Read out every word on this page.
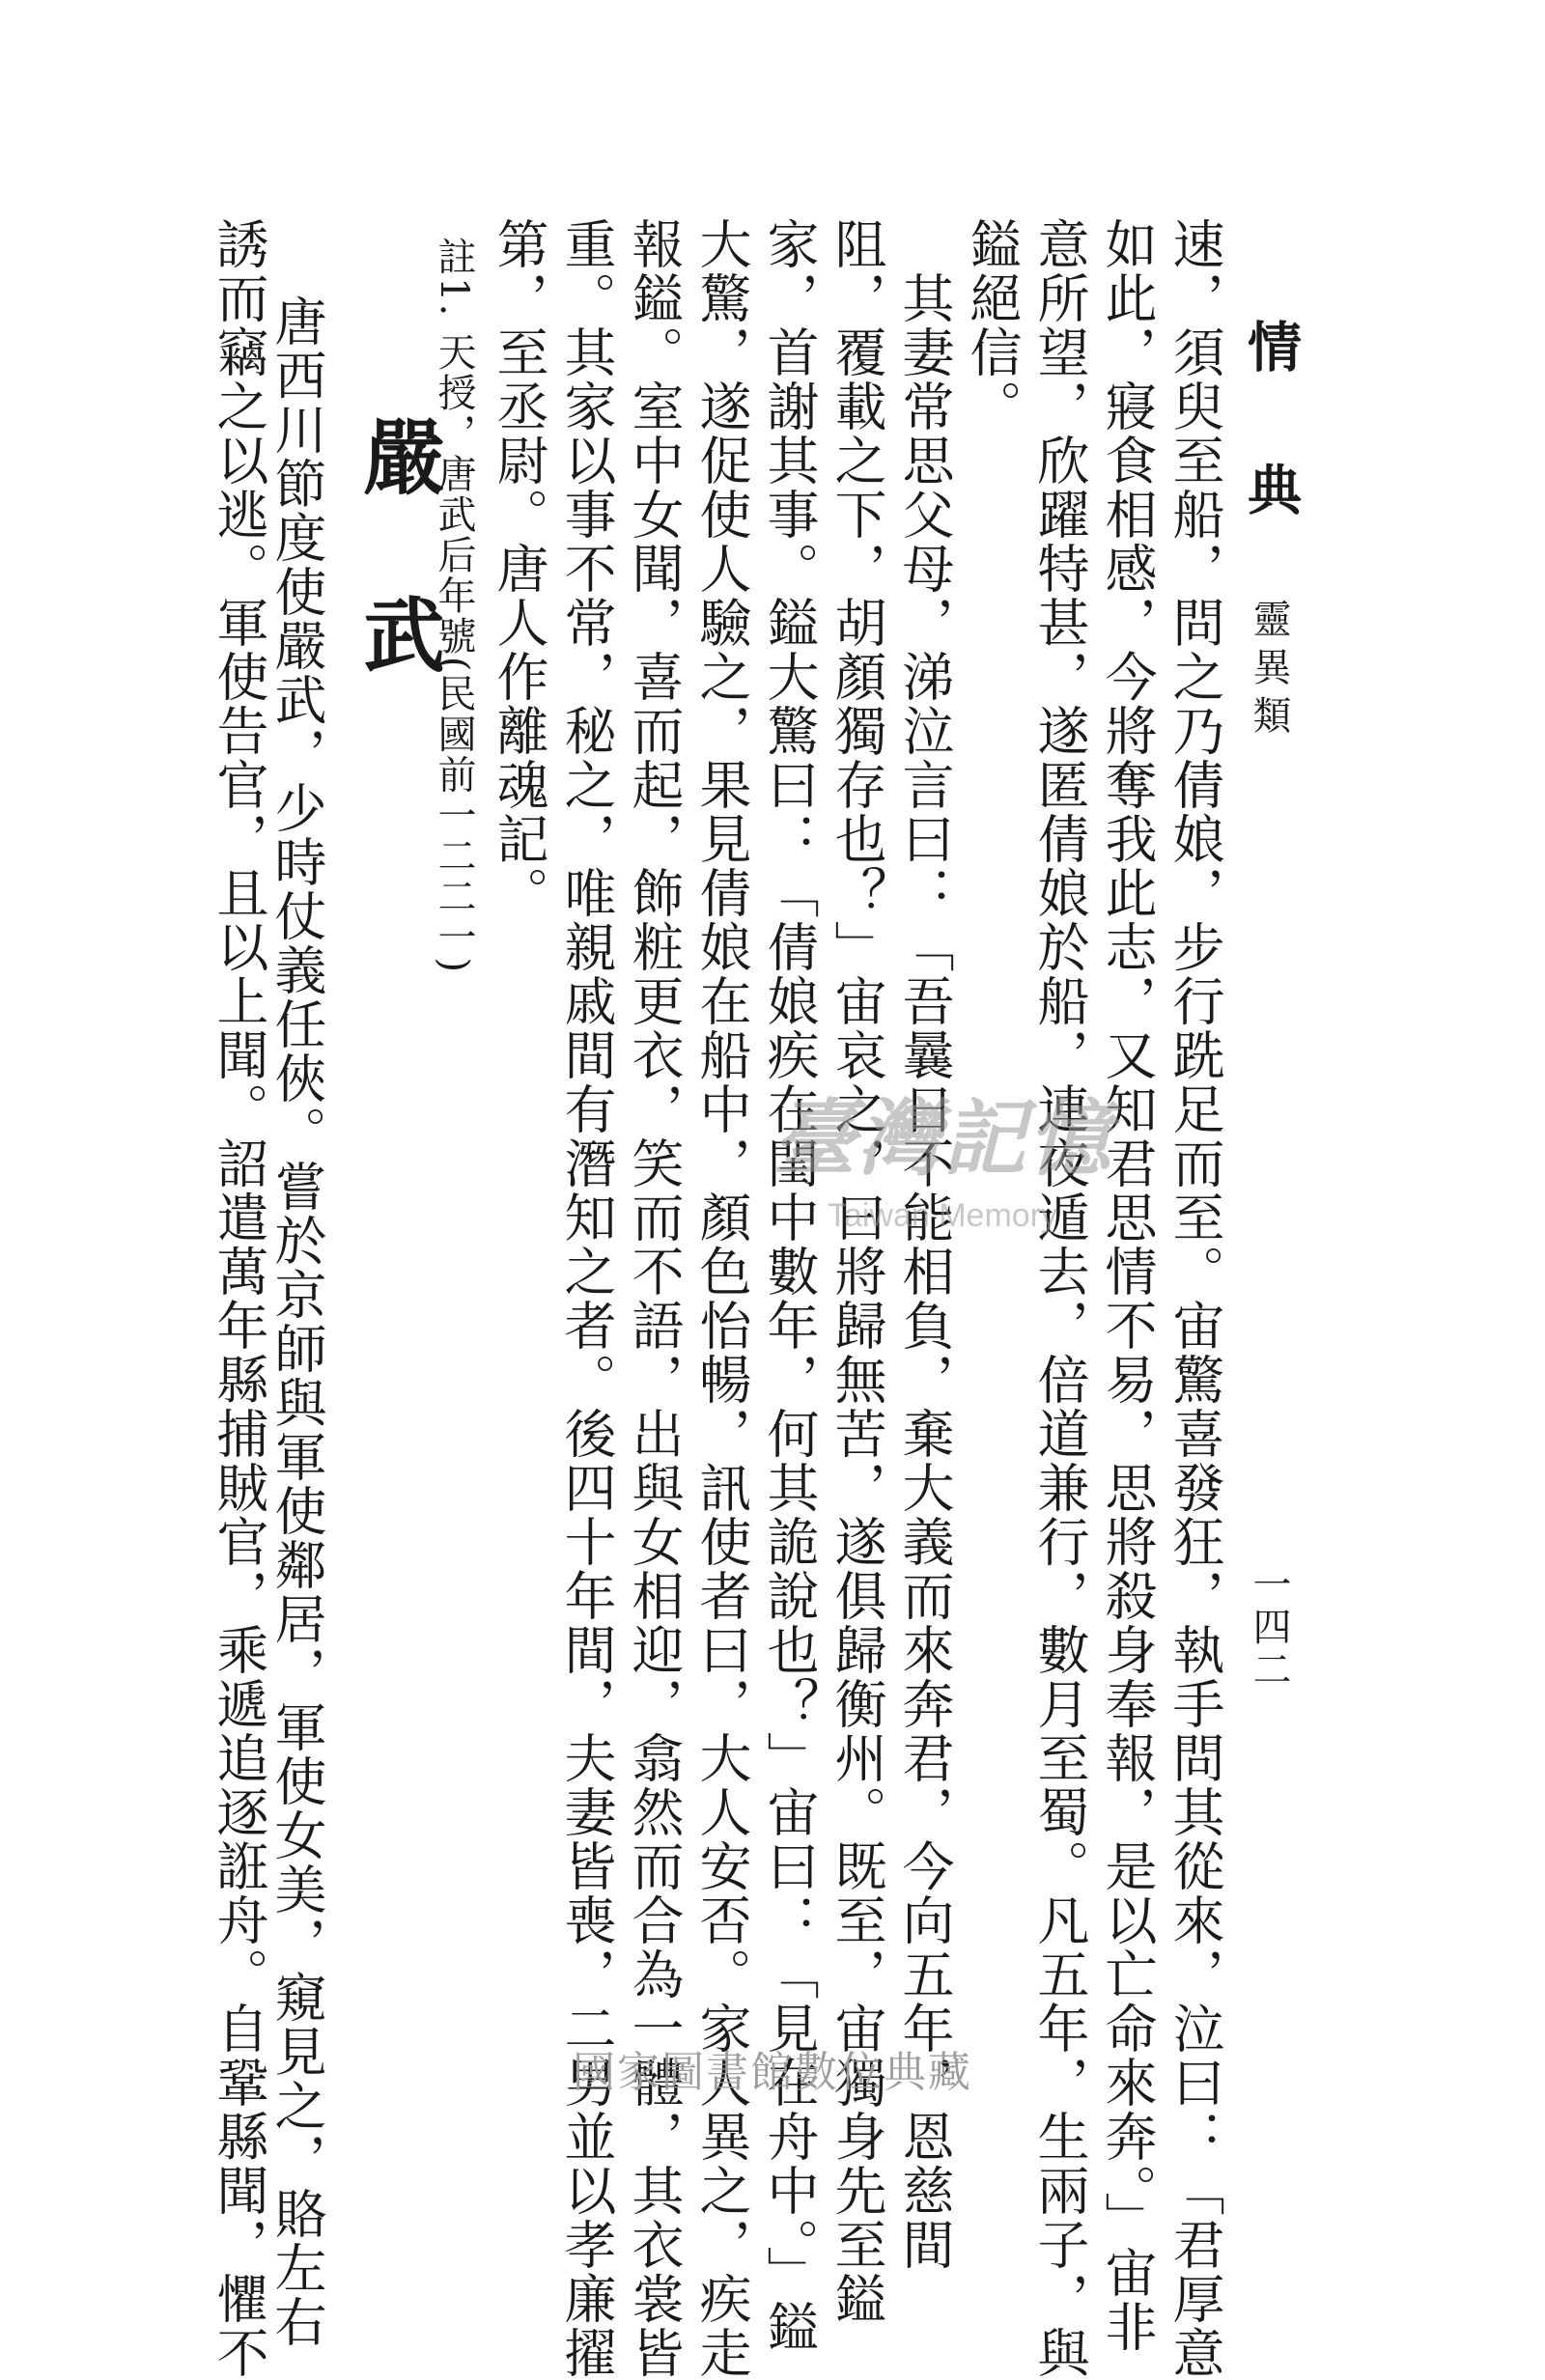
情　典
靈異類
一四二
速，須臾至船，問之乃倩娘，步行跣足而至。宙驚喜發狂，執手問其從來，泣曰：「君厚意
如此，寢食相感，今將奪我此志，又知君思情不易，思將殺身奉報，是以亡命來奔。」宙非
意所望，欣躍特甚，遂匿倩娘於船，連夜遁去，倍道兼行，數月至蜀。凡五年，生兩子，與
鎰絕信。
　其妻常思父母，涕泣言曰：「吾曩日不能相負，棄大義而來奔君，今向五年，恩慈間
阻，覆載之下，胡顏獨存也？」宙哀之，曰將歸無苦，遂俱歸衡州。既至，宙獨身先至鎰
家，首謝其事。鎰大驚曰：「倩娘疾在閨中數年，何其詭說也？」宙曰：「見在舟中。」鎰
大驚，遂促使人驗之，果見倩娘在船中，顏色怡暢，訊使者曰，大人安否。家人異之，疾走
報鎰。室中女聞，喜而起，飾粧更衣，笑而不語，出與女相迎，翕然而合為一體，其衣裳皆
重。其家以事不常，秘之，唯親戚間有潛知之者。後四十年間，夫妻皆喪，二男並以孝廉擢
第，至丞尉。唐人作離魂記。
註1. 天授，唐武后年號(民國前一二二一)
嚴武
唐西川節度使嚴武，少時仗義任俠。嘗於京師與軍使鄰居，軍使女美，窺見之，賂左右
誘而竊之以逃。軍使告官，且以上聞。詔遣萬年縣捕賊官，乘遞追逐誑舟。自鞏縣聞，懼不	臺灣記憶
Taiwan Memory
國家圖書館數位典藏
